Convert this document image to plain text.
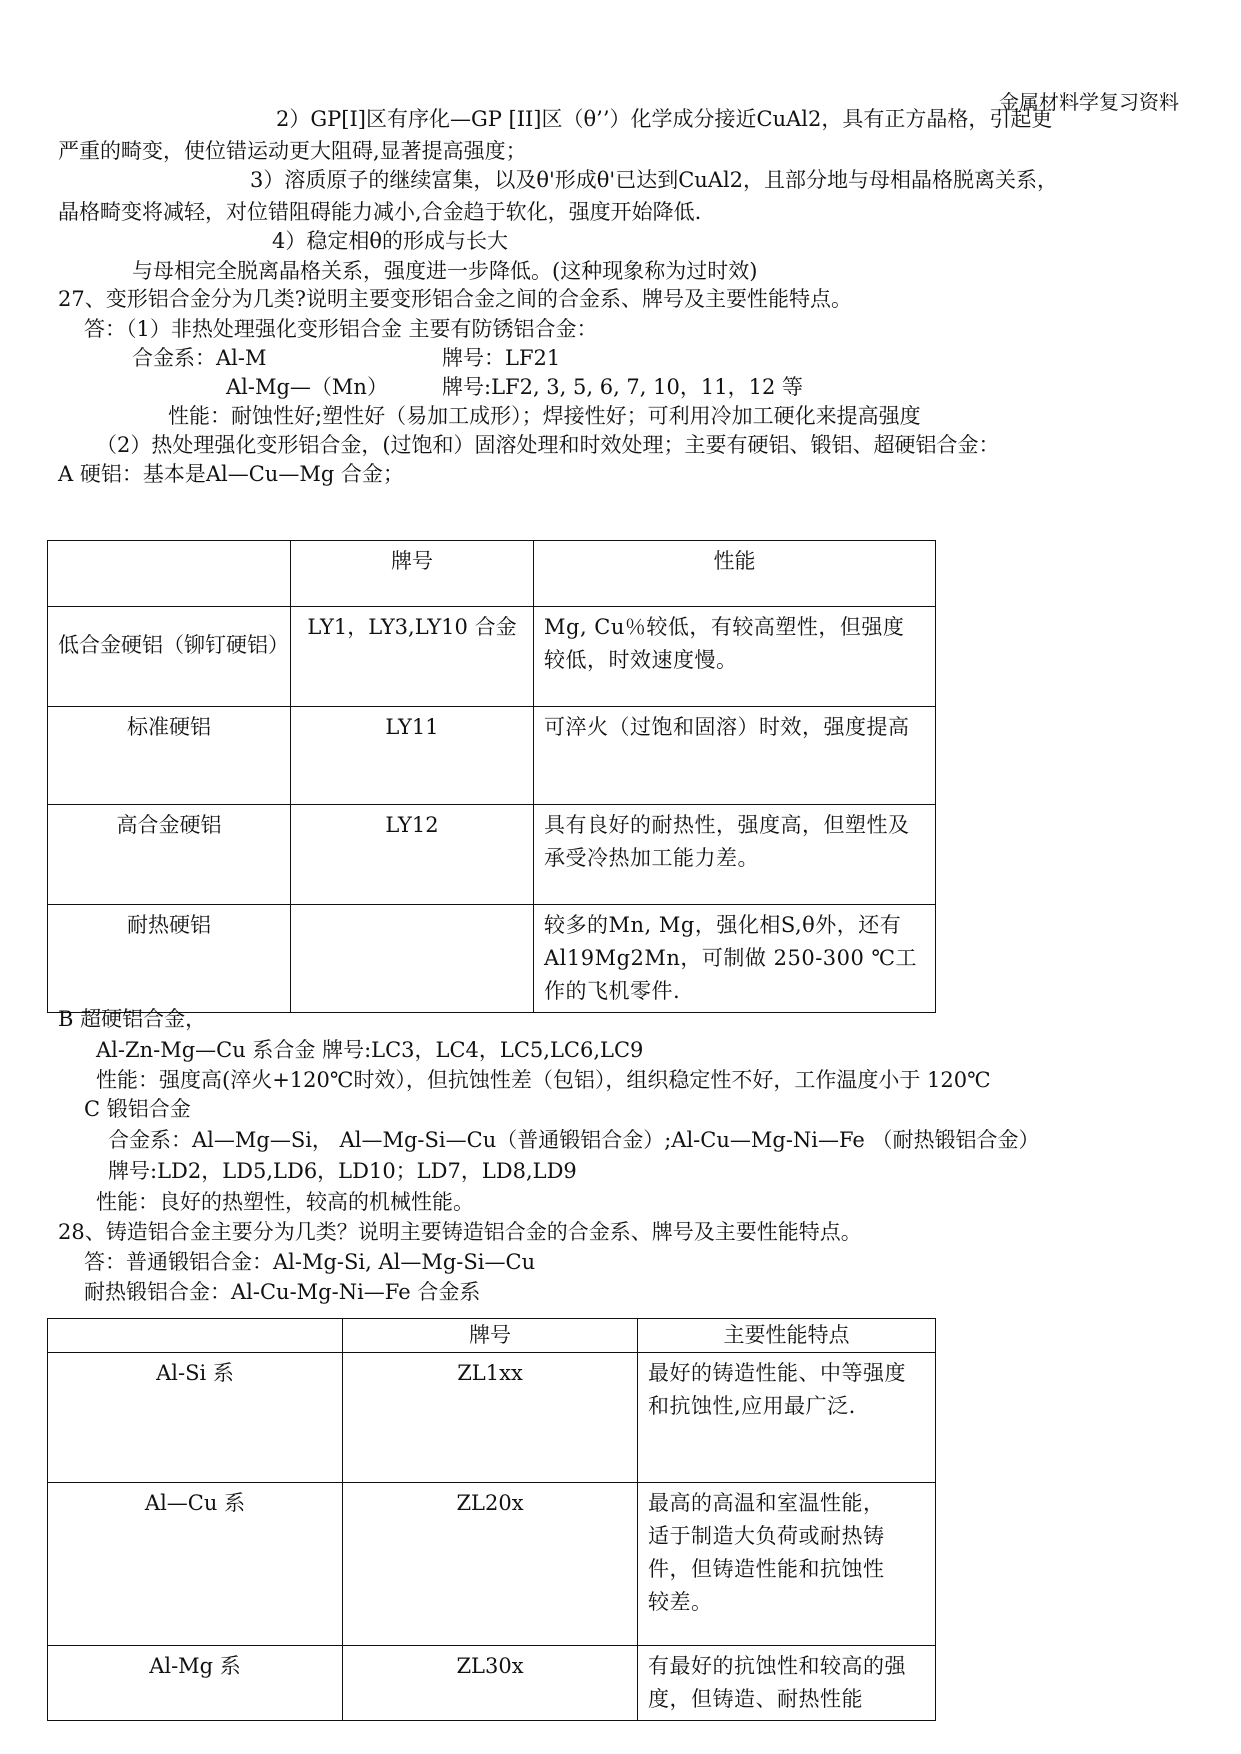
金属材料学复习资料
2）GP[I]区有序化—GP [II]区（θ’’）化学成分接近CuAl2，具有正方晶格，引起更
严重的畸变，使位错运动更大阻碍,显著提高强度；
3）溶质原子的继续富集，以及θ'形成θ'已达到CuAl2，且部分地与母相晶格脱离关系，
晶格畸变将减轻，对位错阻碍能力减小,合金趋于软化，强度开始降低.
4）稳定相θ的形成与长大
与母相完全脱离晶格关系，强度进一步降低。(这种现象称为过时效)
27、变形铝合金分为几类?说明主要变形铝合金之间的合金系、牌号及主要性能特点。
答：（1）非热处理强化变形铝合金 主要有防锈铝合金：
合金系：Al-M	牌号：LF21
Al-Mg—（Mn）	牌号:LF2, 3, 5, 6, 7, 10，11，12 等
性能：耐蚀性好;塑性好（易加工成形）；焊接性好；可利用冷加工硬化来提高强度
（2）热处理强化变形铝合金，(过饱和）固溶处理和时效处理；主要有硬铝、锻铝、超硬铝合金：
A 硬铝：基本是Al—Cu—Mg 合金；
	牌号	性能
低合金硬铝（铆钉硬铝）	LY1，LY3,LY10 合金	Mg, Cu％较低，有较高塑性，但强度较低，时效速度慢。
标准硬铝	LY11	可淬火（过饱和固溶）时效，强度提高
高合金硬铝	LY12	具有良好的耐热性，强度高，但塑性及承受冷热加工能力差。
耐热硬铝		较多的Mn, Mg，强化相S,θ外，还有Al19Mg2Mn，可制做 250-300 ℃工作的飞机零件.
B 超硬铝合金，
Al-Zn-Mg—Cu 系合金 牌号:LC3，LC4，LC5,LC6,LC9
性能：强度高(淬火+120℃时效），但抗蚀性差（包铝），组织稳定性不好，工作温度小于 120℃
C 锻铝合金
合金系：Al—Mg—Si， Al—Mg-Si—Cu（普通锻铝合金）;Al-Cu—Mg-Ni—Fe （耐热锻铝合金）
牌号:LD2，LD5,LD6，LD10；LD7，LD8,LD9
性能：良好的热塑性，较高的机械性能。
28、铸造铝合金主要分为几类？说明主要铸造铝合金的合金系、牌号及主要性能特点。
答：普通锻铝合金：Al-Mg-Si, Al—Mg-Si—Cu
耐热锻铝合金：Al-Cu-Mg-Ni—Fe 合金系
	牌号	主要性能特点
Al-Si 系	ZL1xx	最好的铸造性能、中等强度和抗蚀性,应用最广泛.
Al—Cu 系	ZL20x	最高的高温和室温性能，适于制造大负荷或耐热铸件，但铸造性能和抗蚀性较差。
Al-Mg 系	ZL30x	有最好的抗蚀性和较高的强度，但铸造、耐热性能
